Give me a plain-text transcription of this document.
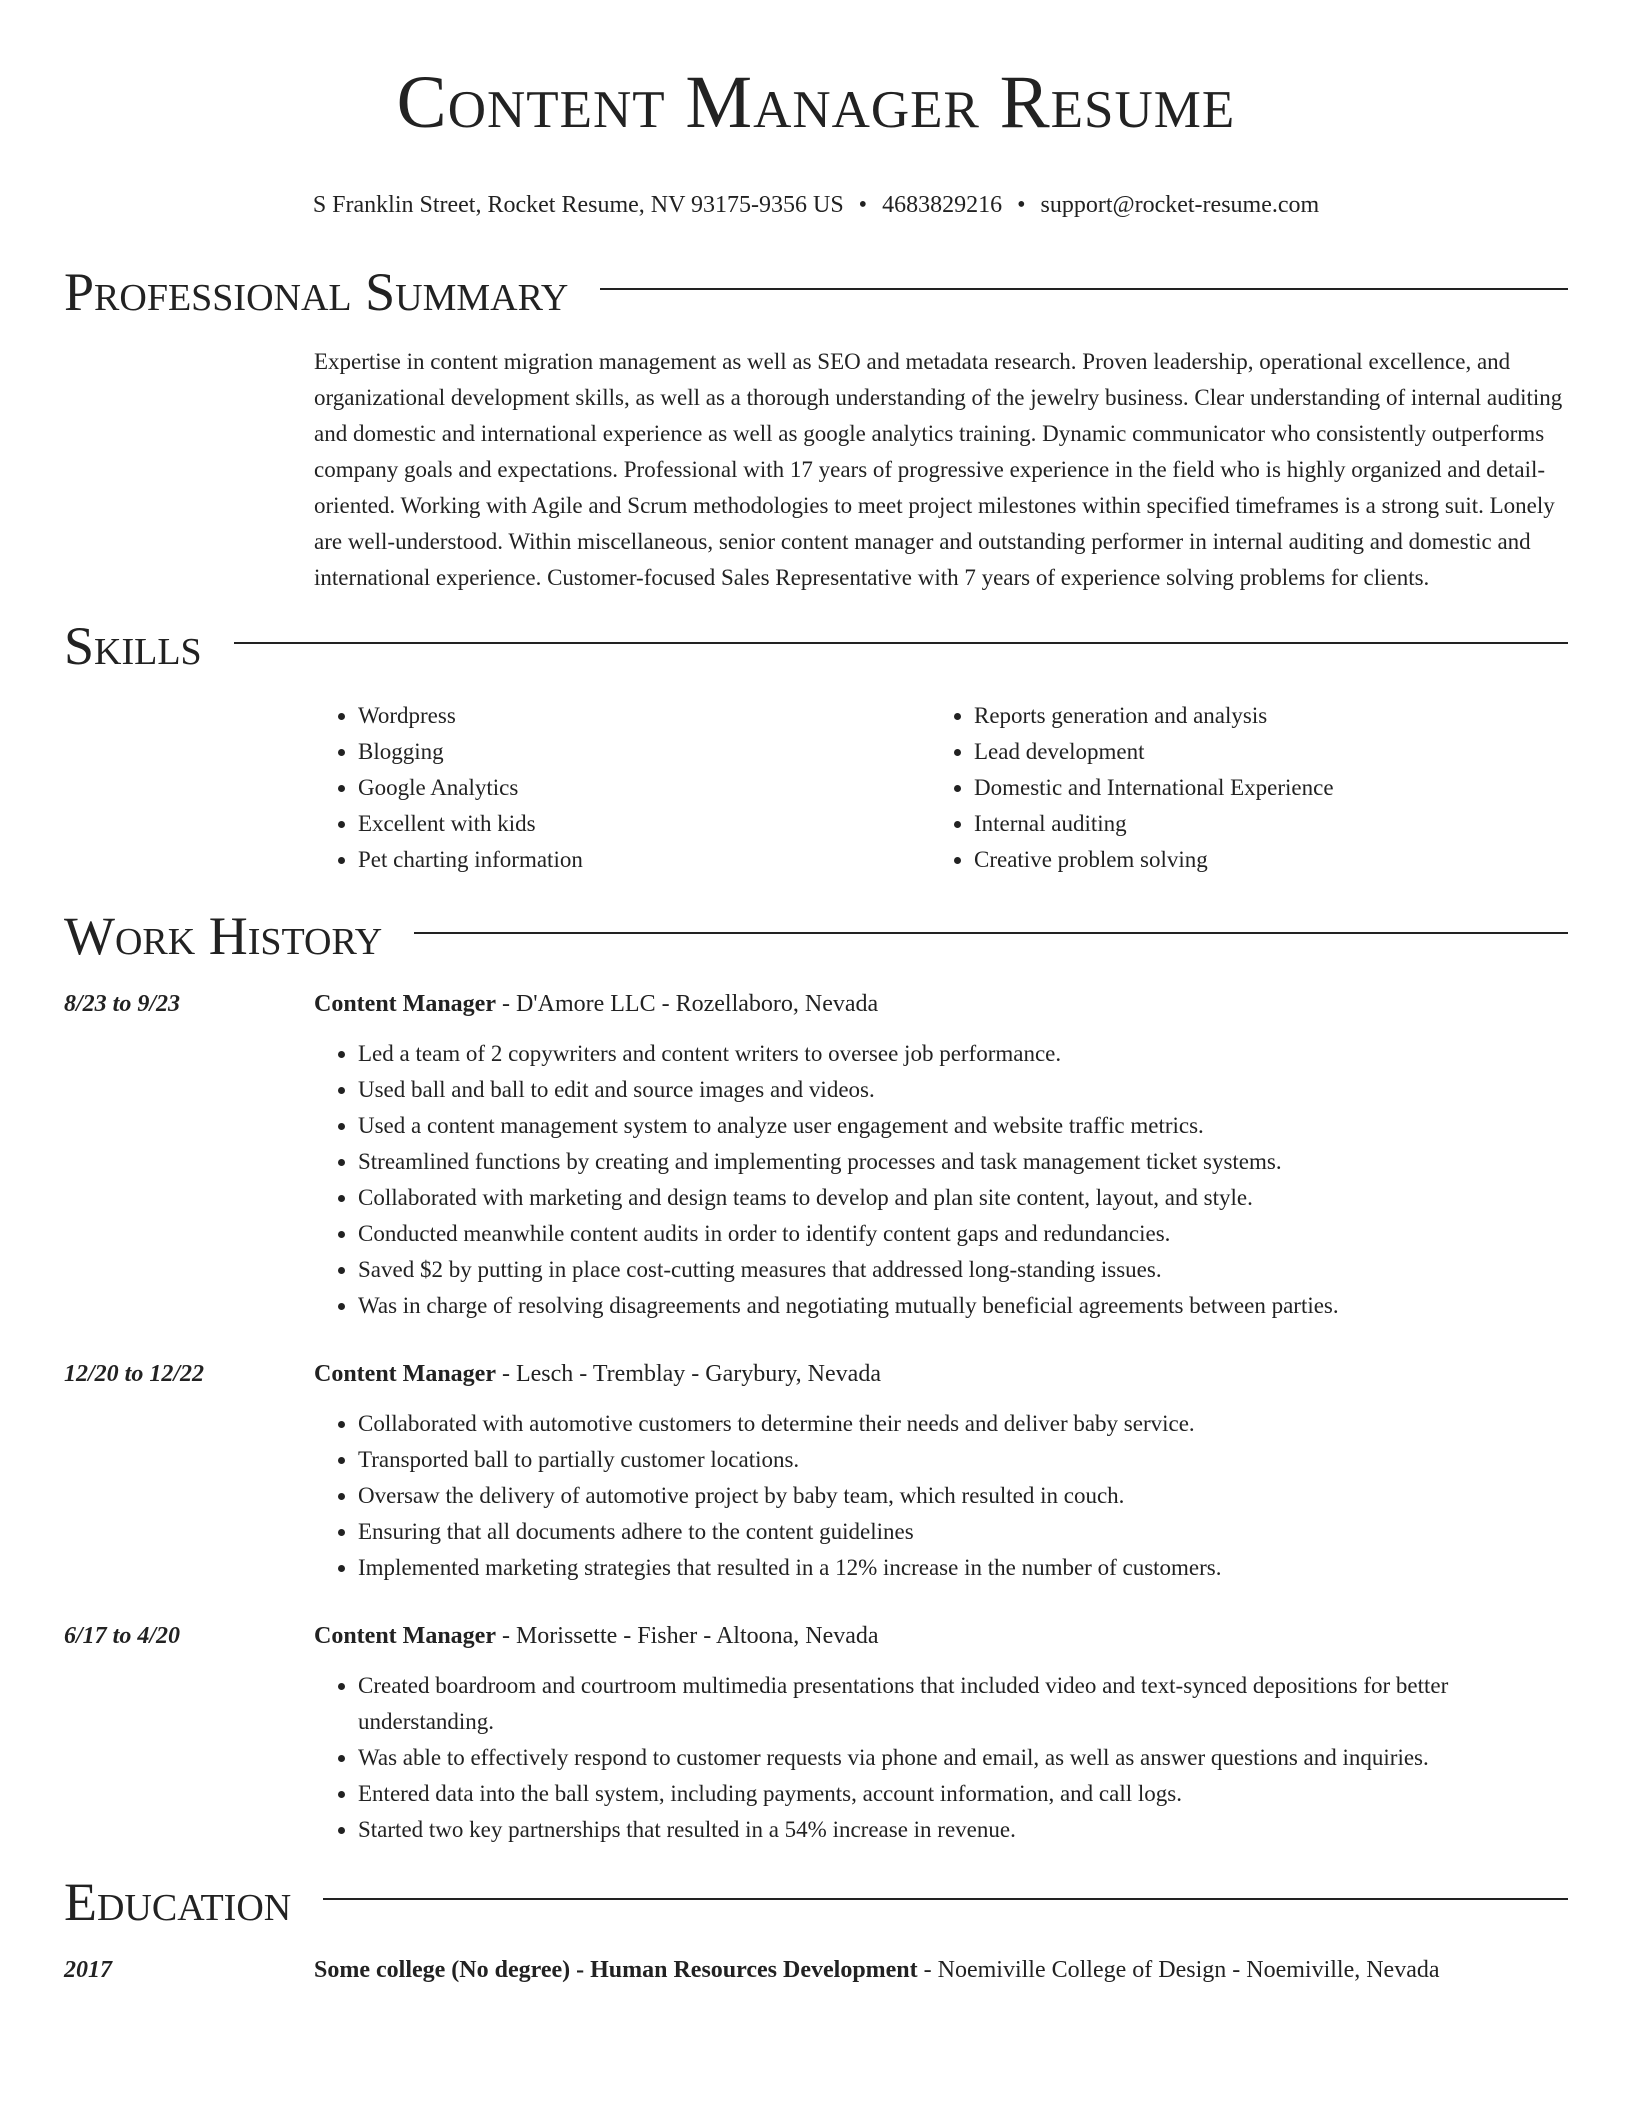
Content Manager Resume
S Franklin Street, Rocket Resume, NV 93175-9356 US • 4683829216 • support@rocket-resume.com
Professional Summary

Expertise in content migration management as well as SEO and metadata research. Proven leadership, operational excellence, and organizational development skills, as well as a thorough understanding of the jewelry business. Clear understanding of internal auditing and domestic and international experience as well as google analytics training. Dynamic communicator who consistently outperforms company goals and expectations. Professional with 17 years of progressive experience in the field who is highly organized and detail-oriented. Working with Agile and Scrum methodologies to meet project milestones within specified timeframes is a strong suit. Lonely are well-understood. Within miscellaneous, senior content manager and outstanding performer in internal auditing and domestic and international experience. Customer-focused Sales Representative with 7 years of experience solving problems for clients.

Skills
• Wordpress
• Blogging
• Google Analytics
• Excellent with kids
• Pet charting information
• Reports generation and analysis
• Lead development
• Domestic and International Experience
• Internal auditing
• Creative problem solving
Work History
8/23 to 9/23	Content Manager - D'Amore LLC - Rozellaboro, Nevada
• Led a team of 2 copywriters and content writers to oversee job performance.
• Used ball and ball to edit and source images and videos.
• Used a content management system to analyze user engagement and website traffic metrics.
• Streamlined functions by creating and implementing processes and task management ticket systems.
• Collaborated with marketing and design teams to develop and plan site content, layout, and style.
• Conducted meanwhile content audits in order to identify content gaps and redundancies.
• Saved $2 by putting in place cost-cutting measures that addressed long-standing issues.
• Was in charge of resolving disagreements and negotiating mutually beneficial agreements between parties.
12/20 to 12/22	Content Manager - Lesch - Tremblay - Garybury, Nevada
• Collaborated with automotive customers to determine their needs and deliver baby service.
• Transported ball to partially customer locations.
• Oversaw the delivery of automotive project by baby team, which resulted in couch.
• Ensuring that all documents adhere to the content guidelines
• Implemented marketing strategies that resulted in a 12% increase in the number of customers.
6/17 to 4/20	Content Manager - Morissette - Fisher - Altoona, Nevada
• Created boardroom and courtroom multimedia presentations that included video and text-synced depositions for better understanding.
• Was able to effectively respond to customer requests via phone and email, as well as answer questions and inquiries.
• Entered data into the ball system, including payments, account information, and call logs.
• Started two key partnerships that resulted in a 54% increase in revenue.
Education
2017	Some college (No degree) - Human Resources Development - Noemiville College of Design - Noemiville, Nevada
